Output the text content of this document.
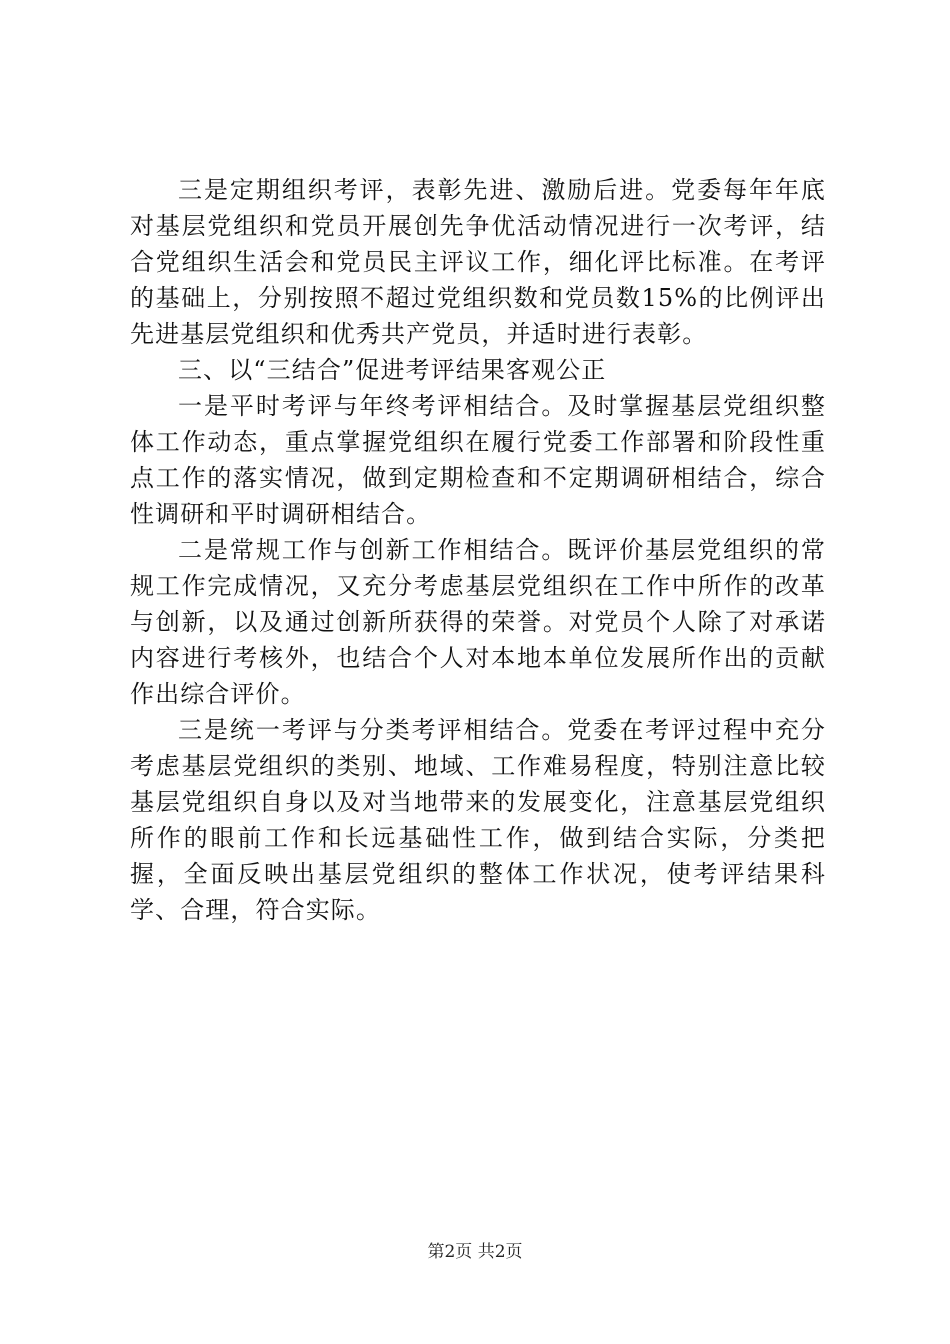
三是定期组织考评，表彰先进、激励后进。党委每年年底对基层党组织和党员开展创先争优活动情况进行一次考评，结合党组织生活会和党员民主评议工作，细化评比标准。在考评的基础上，分别按照不超过党组织数和党员数15%的比例评出先进基层党组织和优秀共产党员，并适时进行表彰。

三、以“三结合”促进考评结果客观公正

一是平时考评与年终考评相结合。及时掌握基层党组织整体工作动态，重点掌握党组织在履行党委工作部署和阶段性重点工作的落实情况，做到定期检查和不定期调研相结合，综合性调研和平时调研相结合。

二是常规工作与创新工作相结合。既评价基层党组织的常规工作完成情况，又充分考虑基层党组织在工作中所作的改革与创新，以及通过创新所获得的荣誉。对党员个人除了对承诺内容进行考核外，也结合个人对本地本单位发展所作出的贡献作出综合评价。

三是统一考评与分类考评相结合。党委在考评过程中充分考虑基层党组织的类别、地域、工作难易程度，特别注意比较基层党组织自身以及对当地带来的发展变化，注意基层党组织所作的眼前工作和长远基础性工作，做到结合实际，分类把握，全面反映出基层党组织的整体工作状况，使考评结果科学、合理，符合实际。

第2页 共2页
